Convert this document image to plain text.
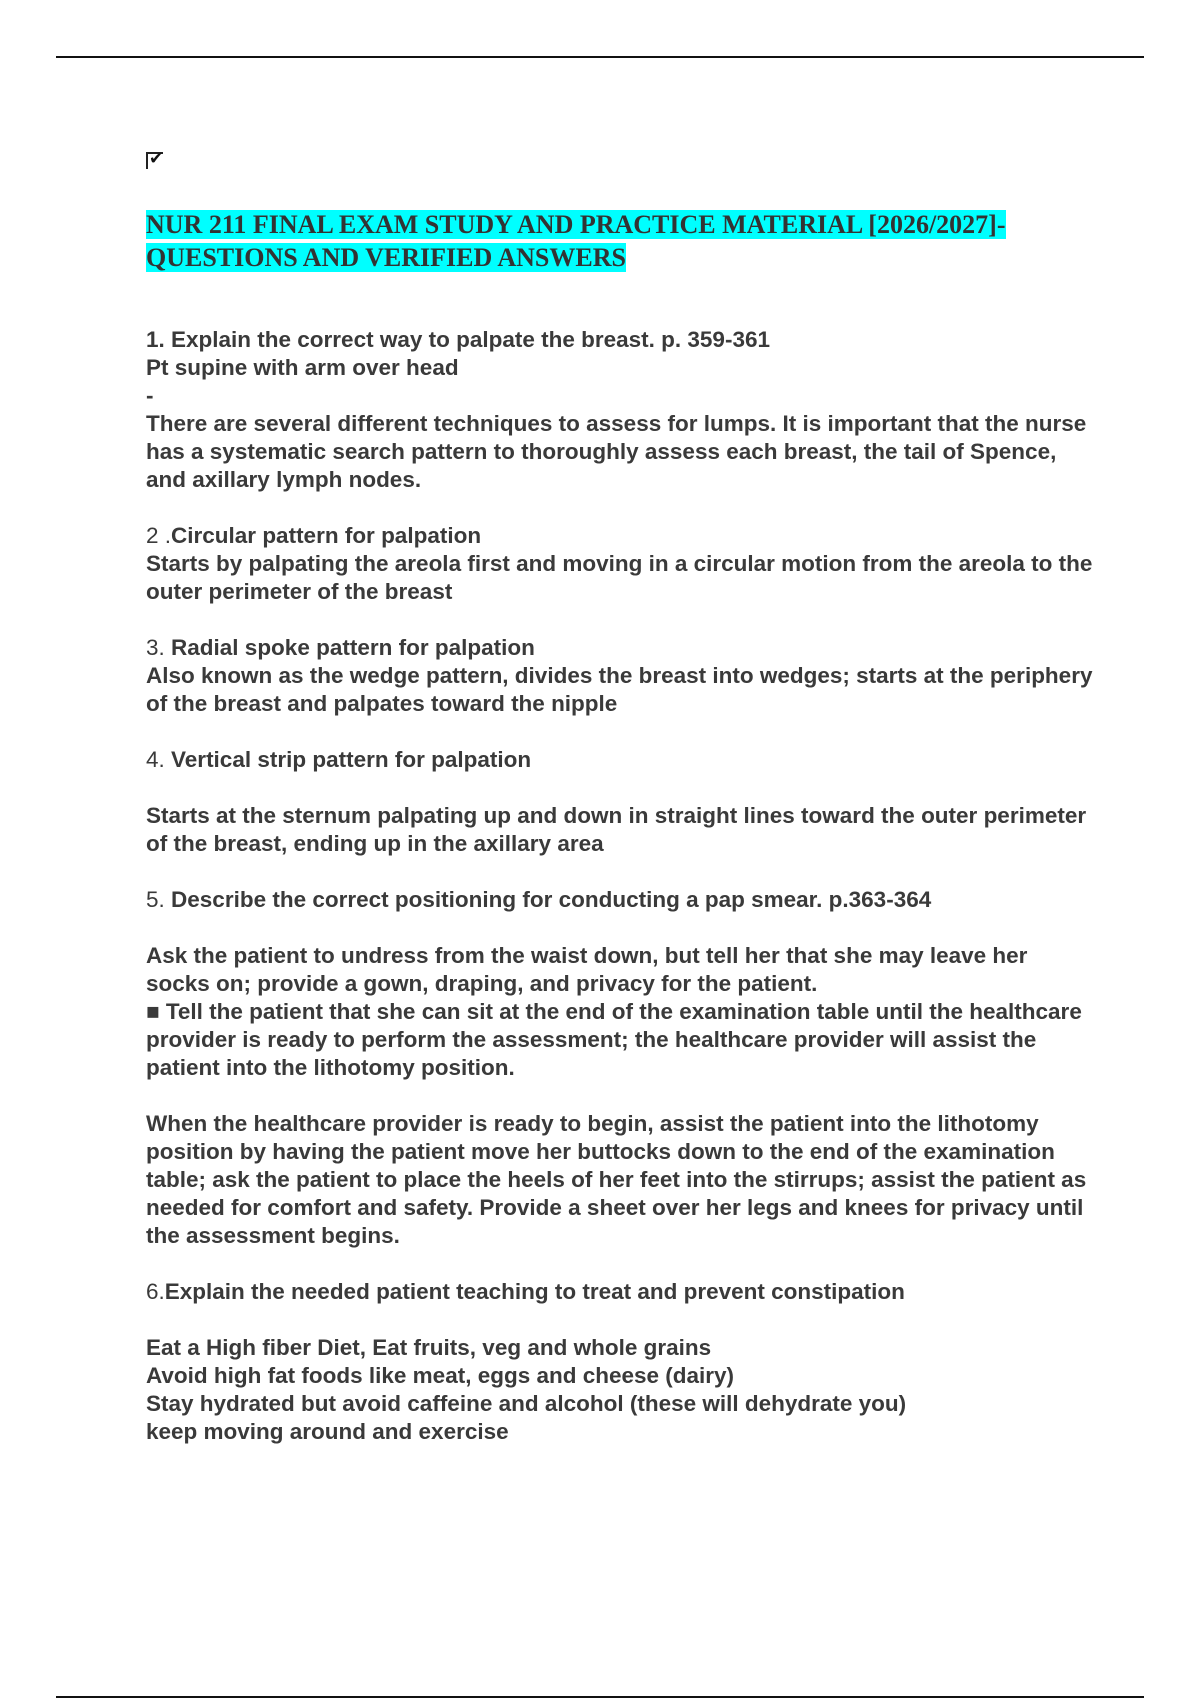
✔
NUR 211 FINAL EXAM STUDY AND PRACTICE MATERIAL [2026/2027]-
QUESTIONS AND VERIFIED ANSWERS

1. Explain the correct way to palpate the breast. p. 359-361

Pt supine with arm over head

-

There are several different techniques to assess for lumps. It is important that the nurse has a systematic search pattern to thoroughly assess each breast, the tail of Spence, and axillary lymph nodes.

2 .Circular pattern for palpation

Starts by palpating the areola first and moving in a circular motion from the areola to the outer perimeter of the breast

3. Radial spoke pattern for palpation

Also known as the wedge pattern, divides the breast into wedges; starts at the periphery of the breast and palpates toward the nipple

4. Vertical strip pattern for palpation

Starts at the sternum palpating up and down in straight lines toward the outer perimeter of the breast, ending up in the axillary area

5. Describe the correct positioning for conducting a pap smear. p.363-364

Ask the patient to undress from the waist down, but tell her that she may leave her socks on; provide a gown, draping, and privacy for the patient.

■ Tell the patient that she can sit at the end of the examination table until the healthcare provider is ready to perform the assessment; the healthcare provider will assist the patient into the lithotomy position.

When the healthcare provider is ready to begin, assist the patient into the lithotomy position by having the patient move her buttocks down to the end of the examination table; ask the patient to place the heels of her feet into the stirrups; assist the patient as needed for comfort and safety. Provide a sheet over her legs and knees for privacy until the assessment begins.

6.Explain the needed patient teaching to treat and prevent constipation

Eat a High fiber Diet, Eat fruits, veg and whole grains

Avoid high fat foods like meat, eggs and cheese (dairy)

Stay hydrated but avoid caffeine and alcohol (these will dehydrate you)

keep moving around and exercise
